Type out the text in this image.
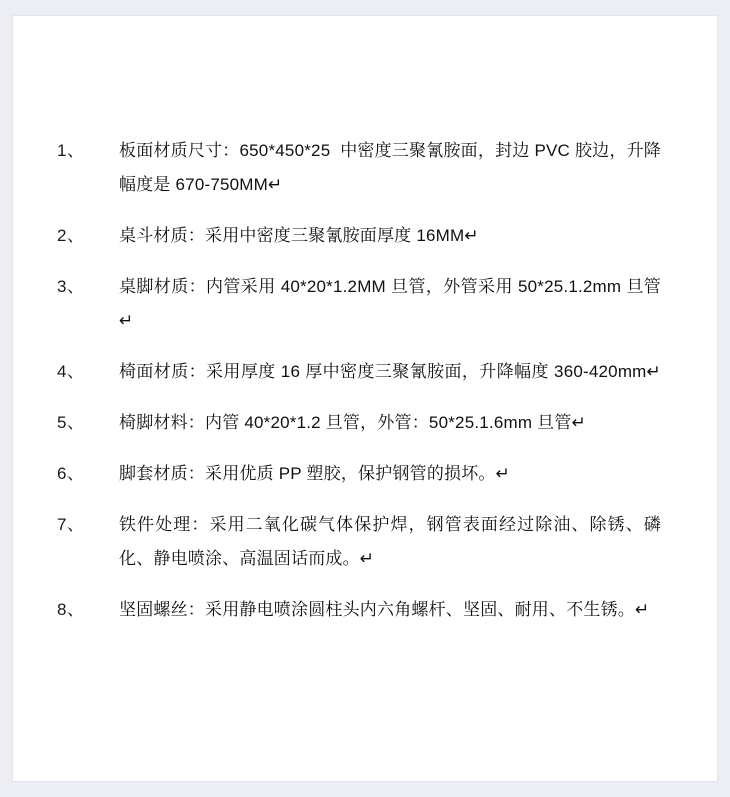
1、	板面材质尺寸：650*450*25  中密度三聚氰胺面，封边 PVC 胶边，升降幅度是 670-750MM↵
2、	桌斗材质：采用中密度三聚氰胺面厚度 16MM↵
3、	桌脚材质：内管采用 40*20*1.2MM 旦管，外管采用 50*25.1.2mm 旦管↵
4、	椅面材质：采用厚度 16 厚中密度三聚氰胺面，升降幅度 360-420mm↵
5、	椅脚材料：内管 40*20*1.2 旦管，外管：50*25.1.6mm 旦管↵
6、	脚套材质：采用优质 PP 塑胶，保护钢管的损坏。↵
7、	铁件处理：采用二氧化碳气体保护焊，钢管表面经过除油、除锈、磷化、静电喷涂、高温固话而成。↵
8、	坚固螺丝：采用静电喷涂圆柱头内六角螺杆、坚固、耐用、不生锈。↵
